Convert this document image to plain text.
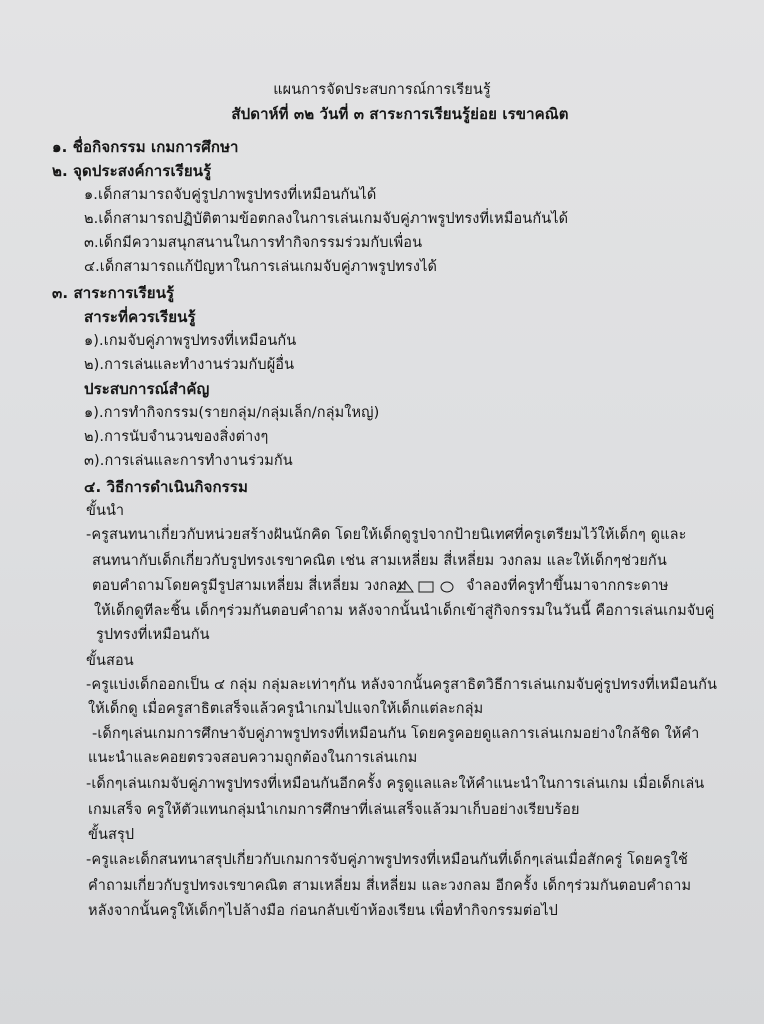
แผนการจัดประสบการณ์การเรียนรู้
สัปดาห์ที่ ๓๒ วันที่ ๓ สาระการเรียนรู้ย่อย เรขาคณิต
๑. ชื่อกิจกรรม เกมการศึกษา
๒. จุดประสงค์การเรียนรู้
๑.เด็กสามารถจับคู่รูปภาพรูปทรงที่เหมือนกันได้
๒.เด็กสามารถปฏิบัติตามข้อตกลงในการเล่นเกมจับคู่ภาพรูปทรงที่เหมือนกันได้
๓.เด็กมีความสนุกสนานในการทำกิจกรรมร่วมกับเพื่อน
๔.เด็กสามารถแก้ปัญหาในการเล่นเกมจับคู่ภาพรูปทรงได้
๓. สาระการเรียนรู้
สาระที่ควรเรียนรู้
๑).เกมจับคู่ภาพรูปทรงที่เหมือนกัน
๒).การเล่นและทำงานร่วมกับผู้อื่น
ประสบการณ์สำคัญ
๑).การทำกิจกรรม(รายกลุ่ม/กลุ่มเล็ก/กลุ่มใหญ่)
๒).การนับจำนวนของสิ่งต่างๆ
๓).การเล่นและการทำงานร่วมกัน
๔. วิธีการดำเนินกิจกรรม
ขั้นนำ
-ครูสนทนาเกี่ยวกับหน่วยสร้างฝันนักคิด โดยให้เด็กดูรูปจากป้ายนิเทศที่ครูเตรียมไว้ให้เด็กๆ ดูและ
สนทนากับเด็กเกี่ยวกับรูปทรงเรขาคณิต เช่น สามเหลี่ยม สี่เหลี่ยม วงกลม และให้เด็กๆช่วยกัน
ตอบคำถามโดยครูมีรูปสามเหลี่ยม สี่เหลี่ยม วงกลม	จำลองที่ครูทำขึ้นมาจากกระดาษ
ให้เด็กดูทีละชิ้น เด็กๆร่วมกันตอบคำถาม หลังจากนั้นนำเด็กเข้าสู่กิจกรรมในวันนี้ คือการเล่นเกมจับคู่
รูปทรงที่เหมือนกัน
ขั้นสอน
-ครูแบ่งเด็กออกเป็น ๔ กลุ่ม กลุ่มละเท่าๆกัน หลังจากนั้นครูสาธิตวิธีการเล่นเกมจับคู่รูปทรงที่เหมือนกัน
ให้เด็กดู เมื่อครูสาธิตเสร็จแล้วครูนำเกมไปแจกให้เด็กแต่ละกลุ่ม
-เด็กๆเล่นเกมการศึกษาจับคู่ภาพรูปทรงที่เหมือนกัน โดยครูคอยดูแลการเล่นเกมอย่างใกล้ชิด ให้คำ
แนะนำและคอยตรวจสอบความถูกต้องในการเล่นเกม
-เด็กๆเล่นเกมจับคู่ภาพรูปทรงที่เหมือนกันอีกครั้ง ครูดูแลและให้คำแนะนำในการเล่นเกม เมื่อเด็กเล่น
เกมเสร็จ ครูให้ตัวแทนกลุ่มนำเกมการศึกษาที่เล่นเสร็จแล้วมาเก็บอย่างเรียบร้อย
ขั้นสรุป
-ครูและเด็กสนทนาสรุปเกี่ยวกับเกมการจับคู่ภาพรูปทรงที่เหมือนกันที่เด็กๆเล่นเมื่อสักครู่ โดยครูใช้
คำถามเกี่ยวกับรูปทรงเรขาคณิต สามเหลี่ยม สี่เหลี่ยม และวงกลม อีกครั้ง เด็กๆร่วมกันตอบคำถาม
หลังจากนั้นครูให้เด็กๆไปล้างมือ ก่อนกลับเข้าห้องเรียน เพื่อทำกิจกรรมต่อไป
